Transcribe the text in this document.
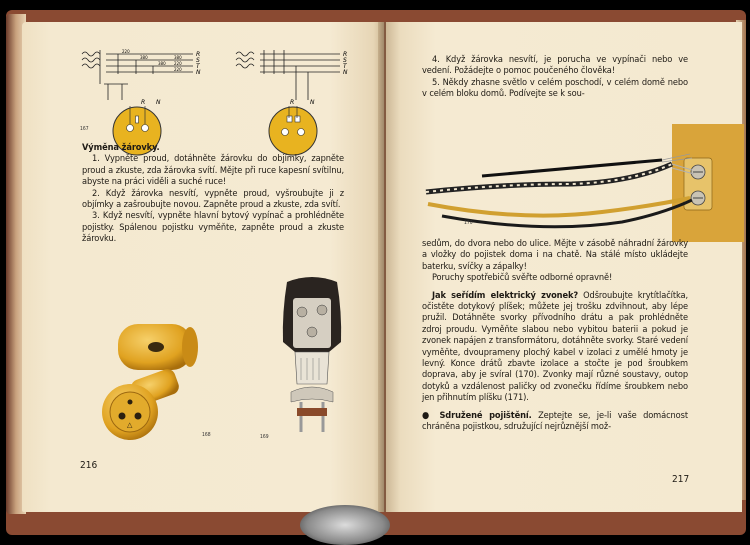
R
S
T
N
220
380
380
380
220
220
R N
R
S
T
N
R	N
167

Výměna žárovky.

1. Vypněte proud, dotáhněte žárovku do objímky, zapněte proud a zkuste, zda žárovka svítí. Mějte při ruce kapesní svítilnu, abyste na práci viděli a suché ruce!

2. Když žárovka nesvítí, vypněte proud, vyšroubujte ji z objímky a zašroubujte novou. Zapněte proud a zkuste, zda svítí.

3. Když nesvítí, vypněte hlavní bytový vypínač a prohlédněte pojistky. Spálenou pojistku vyměňte, zapněte proud a zkuste žárovku.

△
168	169
216

4. Když žárovka nesvítí, je porucha ve vypínači nebo ve vedení. Požádejte o pomoc poučeného člověka!

5. Někdy zhasne světlo v celém poschodí, v celém domě nebo v celém bloku domů. Podívejte se k sou-

170

sedům, do dvora nebo do ulice. Mějte v zásobě náhradní žárovky a vložky do pojistek doma i na chatě. Na stálé místo ukládejte baterku, svíčky a zápalky!

Poruchy spotřebičů svěřte odborné opravně!

Jak seřídím elektrický zvonek? Odšroubujte krytítlačítka, očistěte dotykový plíšek; můžete jej trošku zdvihnout, aby lépe pružil. Dotáhněte svorky přívodního drátu a pak prohlédněte zdroj proudu. Vyměňte slabou nebo vybitou baterii a pokud je zvonek napájen z transformátoru, dotáhněte svorky. Staré vedení vyměňte, dvouprameny plochý kabel v izolaci z umělé hmoty je levný. Konce drátů zbavte izolace a stočte je pod šroubkem doprava, aby je svíral (170). Zvonky mají různé soustavy, outop dotyků a vzdálenost paličky od zvonečku řídíme šroubkem nebo jen přihnutím plíšku (171).

● Sdružené pojištění. Zeptejte se, je-li vaše domácnost chráněna pojistkou, sdružující nejrůznější mož-

217
